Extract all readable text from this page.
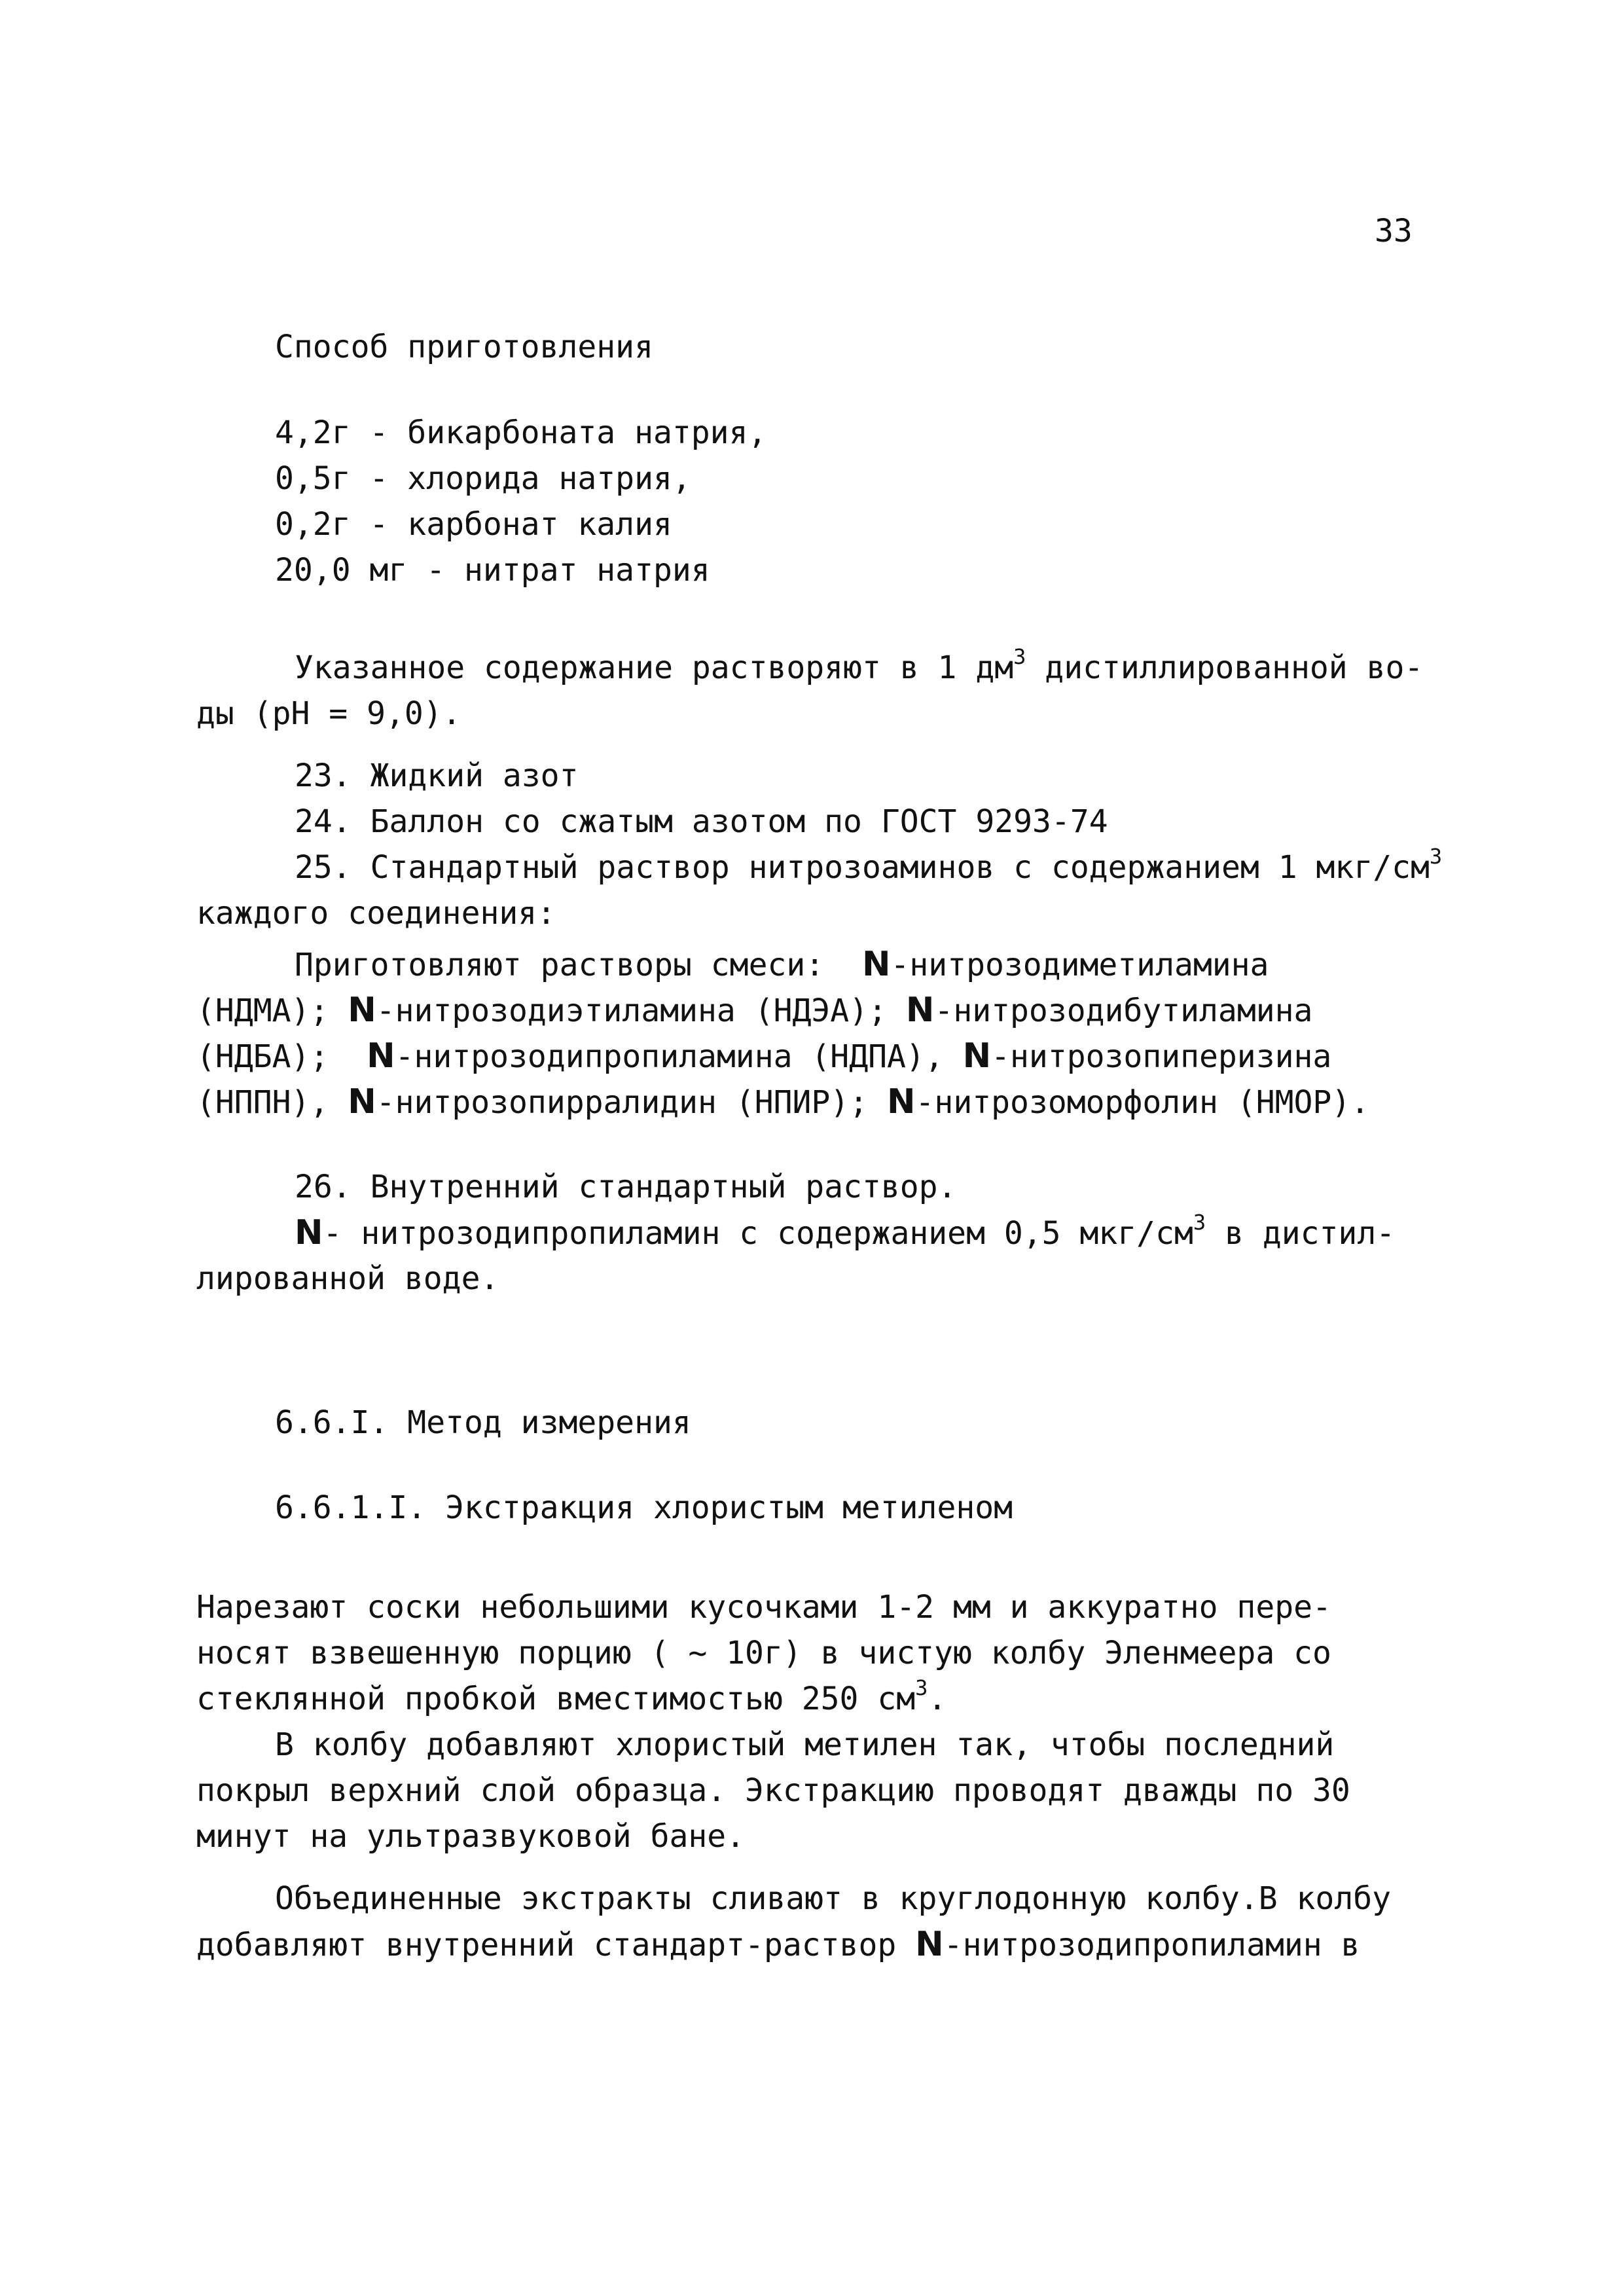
33
Способ приготовления
4,2г - бикарбоната натрия,
0,5г - хлорида натрия,
0,2г - карбонат калия
20,0 мг - нитрат натрия
Указанное содержание растворяют в 1 $дм^3$ дистиллированной во-
ды (pH = 9,0).
23. Жидкий азот
24. Баллон со сжатым азотом по ГОСТ 9293-74
25. Стандартный раствор нитрозоаминов с содержанием 1 мкг/$см^3$
каждого соединения:
Приготовляют растворы смеси: N-нитрозодиметиламина
(НДМА); N-нитрозодиэтиламина (НДЭА); N-нитрозодибутиламина
(НДБА); N-нитрозодипропиламина (НДПА), N-нитрозопиперизина
(НППН), N-нитрозопирралидин (НПИР); N-нитрозоморфолин (НМОР).
26. Внутренний стандартный раствор.
N- нитрозодипропиламин с содержанием 0,5 мкг/$см^3$ в дистил-
лированной воде.
6.6.I. Метод измерения
6.6.1.I. Экстракция хлористым метиленом
Нарезают соски небольшими кусочками 1-2 мм и аккуратно пере-
носят взвешенную порцию ( ~ 10г) в чистую колбу Эленмеера со
стеклянной пробкой вместимостью 250 $см^3$.
В колбу добавляют хлористый метилен так, чтобы последний
покрыл верхний слой образца. Экстракцию проводят дважды по 30
минут на ультразвуковой бане.
Объединенные экстракты сливают в круглодонную колбу.В колбу
добавляют внутренний стандарт-раствор N-нитрозодипропиламин в
